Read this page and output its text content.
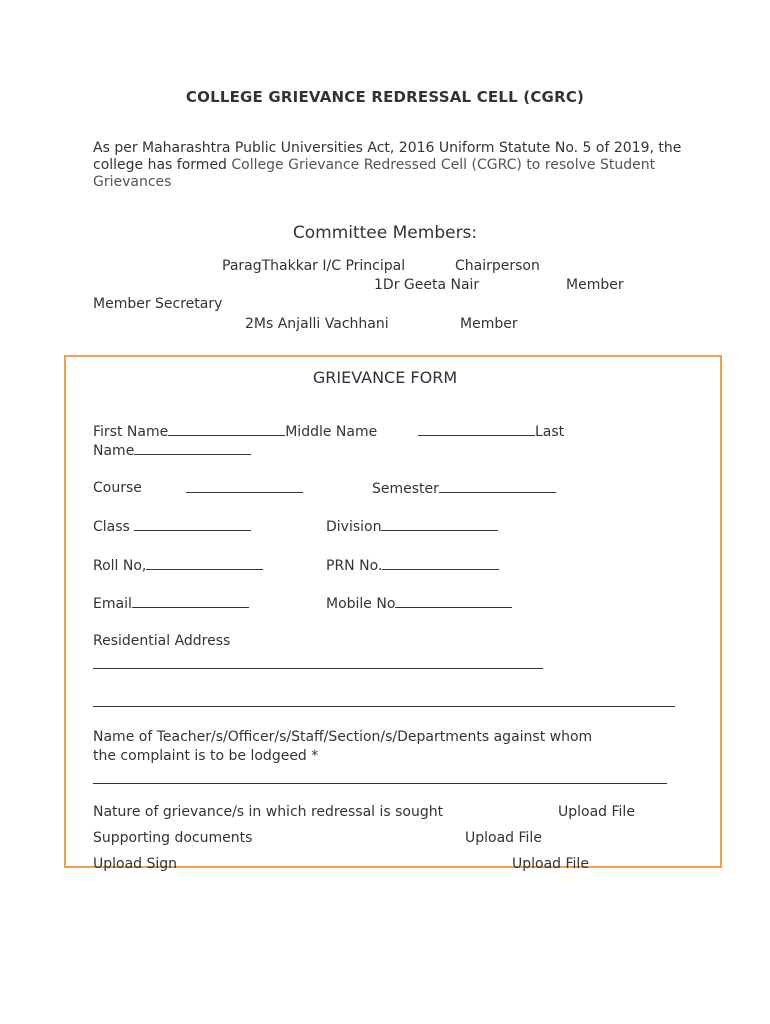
COLLEGE GRIEVANCE REDRESSAL CELL (CGRC)
As per Maharashtra Public Universities Act, 2016 Uniform Statute No. 5 of 2019, the college has formed College Grievance Redressed Cell (CGRC) to resolve Student Grievances
Committee Members:
ParagThakkar I/C Principal	Chairperson
1Dr Geeta Nair	Member
Member Secretary
2Ms Anjalli Vachhani	Member
GRIEVANCE FORM
First Name	Middle Name	Last
Name
Course	Semester
Class	Division
Roll No,	PRN No.
Email	Mobile No
Residential Address
Name of Teacher/s/Officer/s/Staff/Section/s/Departments against whom
the complaint is to be lodgeed *
Nature of grievance/s in which redressal is sought	Upload File
Supporting documents	Upload File
Upload Sign	Upload File
